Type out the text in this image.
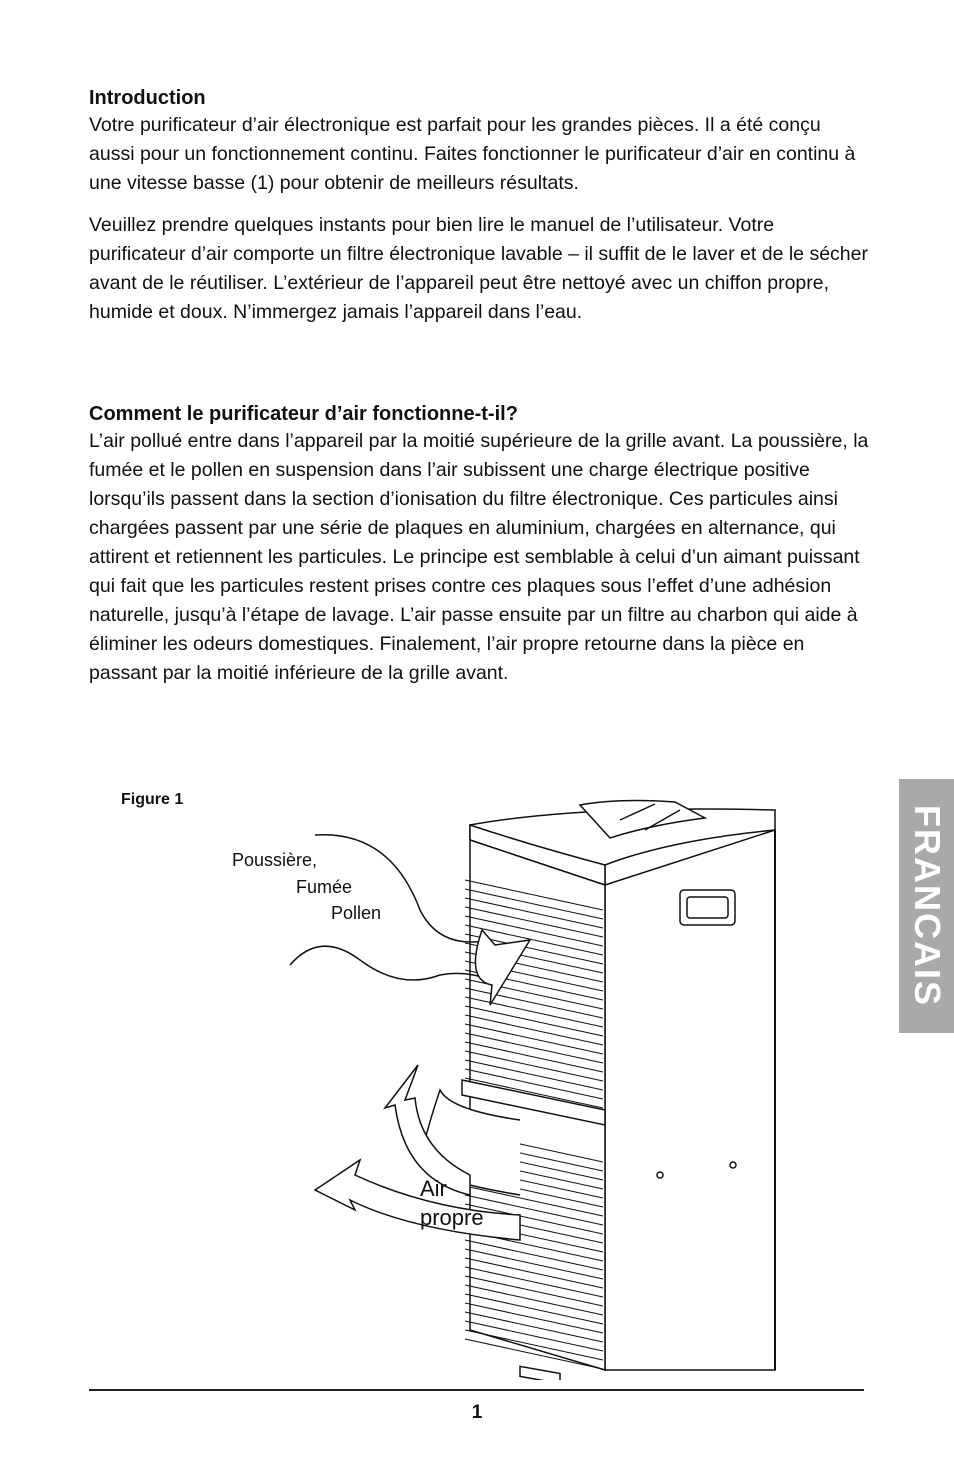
Introduction

Votre purificateur d’air électronique est parfait pour les grandes pièces. Il a été conçu aussi pour un fonctionnement continu. Faites fonctionner le purificateur d’air en continu à une vitesse basse (1) pour obtenir de meilleurs résultats.

Veuillez prendre quelques instants pour bien lire le manuel de l’utilisateur. Votre purificateur d’air comporte un filtre électronique lavable – il suffit de le laver et de le sécher avant de le réutiliser. L’extérieur de l’appareil peut être nettoyé avec un chiffon propre, humide et doux. N’immergez jamais l’appareil dans l’eau.

Comment le purificateur d’air fonctionne-t-il?

L’air pollué entre dans l’appareil par la moitié supérieure de la grille avant. La poussière, la fumée et le pollen en suspension dans l’air subissent une charge électrique positive lorsqu’ils passent dans la section d’ionisation du filtre électronique. Ces particules ainsi chargées passent par une série de plaques en aluminium, chargées en alternance, qui attirent et retiennent les particules. Le principe est semblable à celui d’un aimant puissant qui fait que les particules restent prises contre ces plaques sous l’effet d’une adhésion naturelle, jusqu’à l’étape de lavage. L’air passe ensuite par un filtre au charbon qui aide à éliminer les odeurs domestiques. Finalement, l’air propre retourne dans la pièce en passant par la moitié inférieure de la grille avant.

Figure 1
Poussière,
Fumée
Pollen
Air
propre
FRANCAIS
1
